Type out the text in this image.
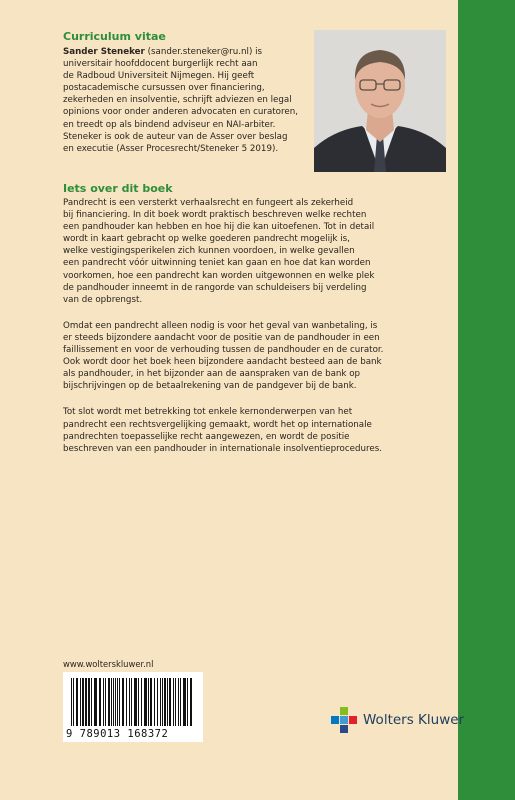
Curriculum vitae
Sander Steneker (sander.steneker@ru.nl) is
universitair hoofddocent burgerlijk recht aan
de Radboud Universiteit Nijmegen. Hij geeft
postacademische cursussen over financiering,
zekerheden en insolventie, schrijft adviezen en legal
opinions voor onder anderen advocaten en curatoren,
en treedt op als bindend adviseur en NAI-arbiter.
Steneker is ook de auteur van de Asser over beslag
en executie (Asser Procesrecht/Steneker 5 2019).
Iets over dit boek

Pandrecht is een versterkt verhaalsrecht en fungeert als zekerheid
bij financiering. In dit boek wordt praktisch beschreven welke rechten
een pandhouder kan hebben en hoe hij die kan uitoefenen. Tot in detail
wordt in kaart gebracht op welke goederen pandrecht mogelijk is,
welke vestigingsperikelen zich kunnen voordoen, in welke gevallen
een pandrecht vóór uitwinning teniet kan gaan en hoe dat kan worden
voorkomen, hoe een pandrecht kan worden uitgewonnen en welke plek
de pandhouder inneemt in de rangorde van schuldeisers bij verdeling
van de opbrengst.

Omdat een pandrecht alleen nodig is voor het geval van wanbetaling, is
er steeds bijzondere aandacht voor de positie van de pandhouder in een
faillissement en voor de verhouding tussen de pandhouder en de curator.
Ook wordt door het boek heen bijzondere aandacht besteed aan de bank
als pandhouder, in het bijzonder aan de aanspraken van de bank op
bijschrijvingen op de betaalrekening van de pandgever bij de bank.

Tot slot wordt met betrekking tot enkele kernonderwerpen van het
pandrecht een rechtsvergelijking gemaakt, wordt het op internationale
pandrechten toepasselijke recht aangewezen, en wordt de positie
beschreven van een pandhouder in internationale insolventieprocedures.

www.wolterskluwer.nl
9 789013 168372
Wolters Kluwer
